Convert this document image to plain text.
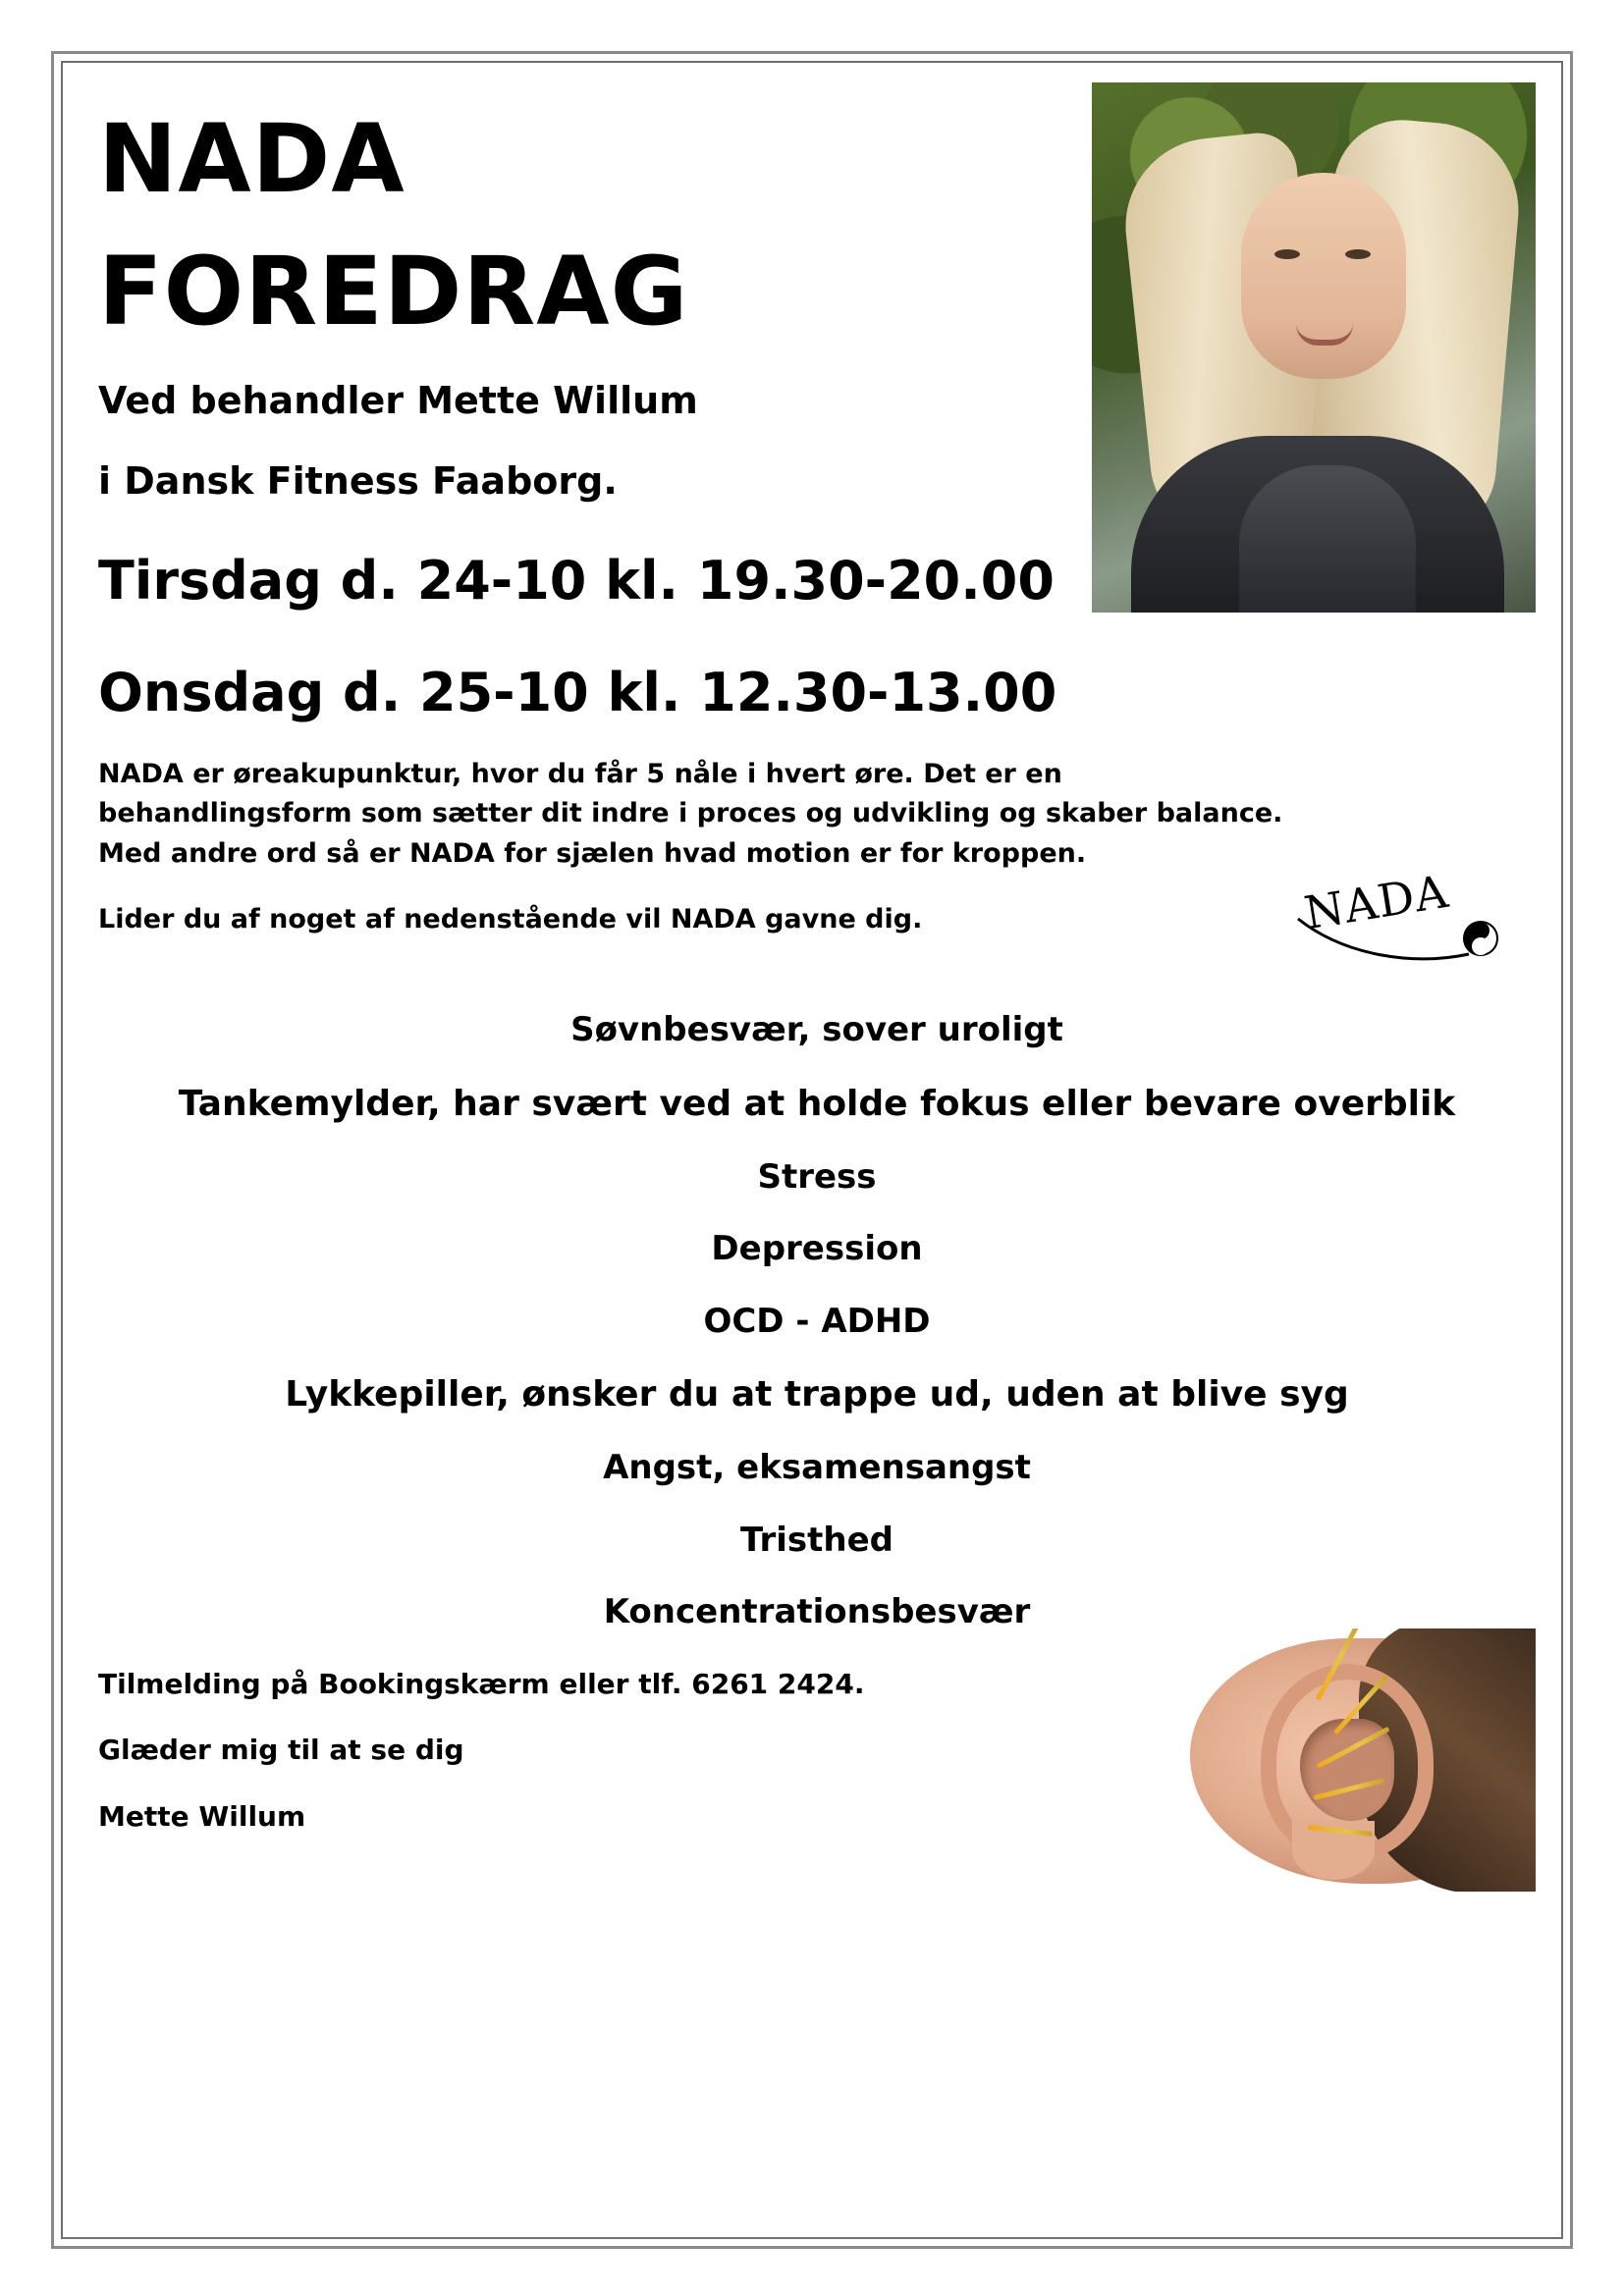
NADA
FOREDRAG
Ved behandler Mette Willum
i Dansk Fitness Faaborg.
Tirsdag d. 24-10 kl. 19.30-20.00
Onsdag d. 25-10 kl. 12.30-13.00
NADA er øreakupunktur, hvor du får 5 nåle i hvert øre. Det er en behandlingsform som sætter dit indre i proces og udvikling og skaber balance. Med andre ord så er NADA for sjælen hvad motion er for kroppen.
Lider du af noget af nedenstående vil NADA gavne dig.	NADA
Søvnbesvær, sover uroligt
Tankemylder, har svært ved at holde fokus eller bevare overblik
Stress
Depression
OCD - ADHD
Lykkepiller, ønsker du at trappe ud, uden at blive syg
Angst, eksamensangst
Tristhed
Koncentrationsbesvær
Tilmelding på Bookingskærm eller tlf. 6261 2424.
Glæder mig til at se dig
Mette Willum
